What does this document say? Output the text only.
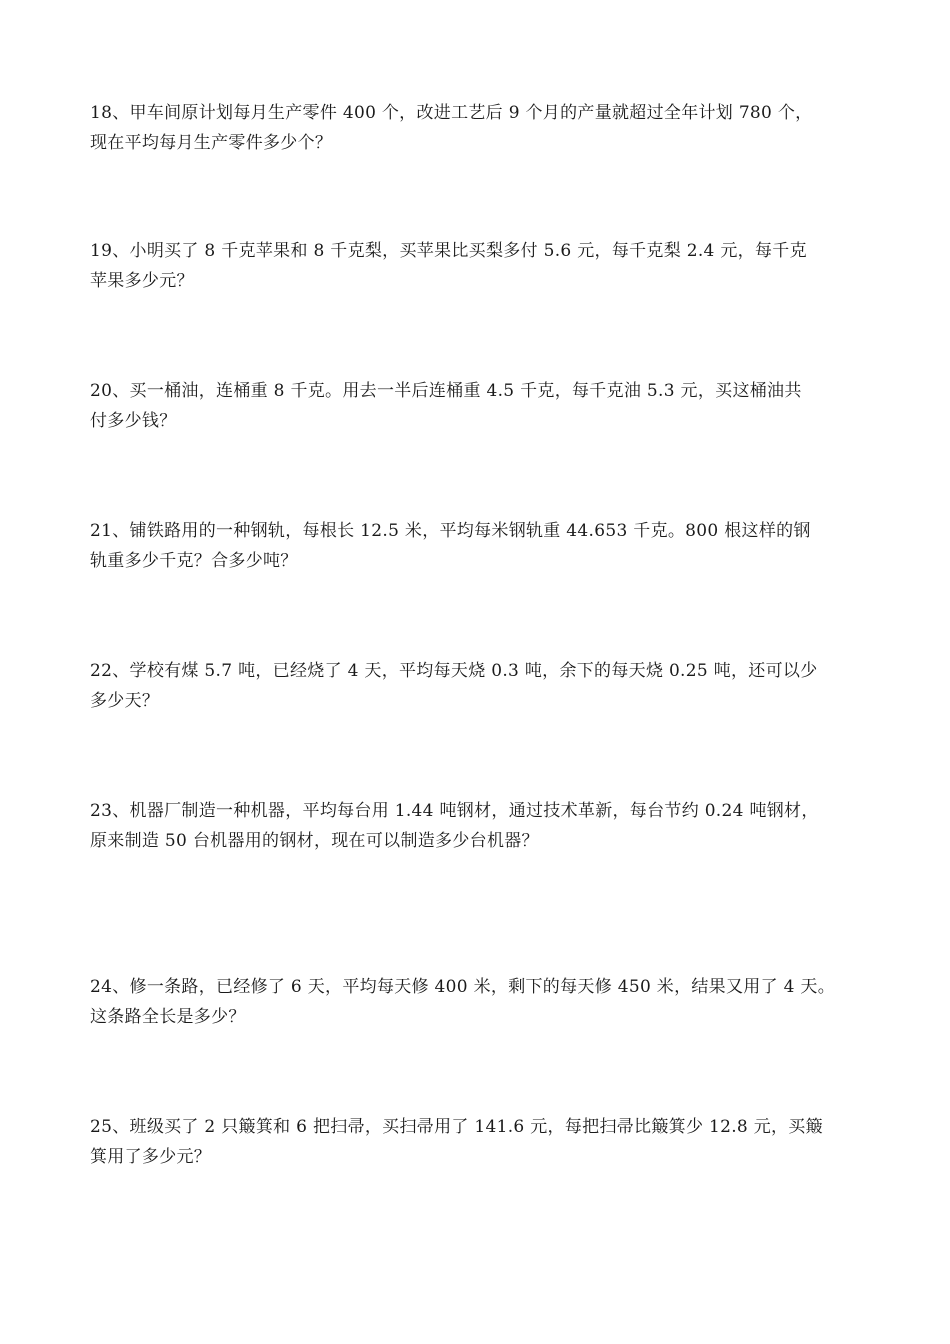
18、甲车间原计划每月生产零件 400 个，改进工艺后 9 个月的产量就超过全年计划 780 个，
现在平均每月生产零件多少个？
19、小明买了 8 千克苹果和 8 千克梨，买苹果比买梨多付 5.6 元，每千克梨 2.4 元，每千克
苹果多少元？
20、买一桶油，连桶重 8 千克。用去一半后连桶重 4.5 千克，每千克油 5.3 元，买这桶油共
付多少钱？
21、铺铁路用的一种钢轨，每根长 12.5 米，平均每米钢轨重 44.653 千克。800 根这样的钢
轨重多少千克？合多少吨？
22、学校有煤 5.7 吨，已经烧了 4 天，平均每天烧 0.3 吨，余下的每天烧 0.25 吨，还可以少
多少天？
23、机器厂制造一种机器，平均每台用 1.44 吨钢材，通过技术革新，每台节约 0.24 吨钢材，
原来制造 50 台机器用的钢材，现在可以制造多少台机器？
24、修一条路，已经修了 6 天，平均每天修 400 米，剩下的每天修 450 米，结果又用了 4 天。
这条路全长是多少？
25、班级买了 2 只簸箕和 6 把扫帚，买扫帚用了 141.6 元，每把扫帚比簸箕少 12.8 元，买簸
箕用了多少元？
